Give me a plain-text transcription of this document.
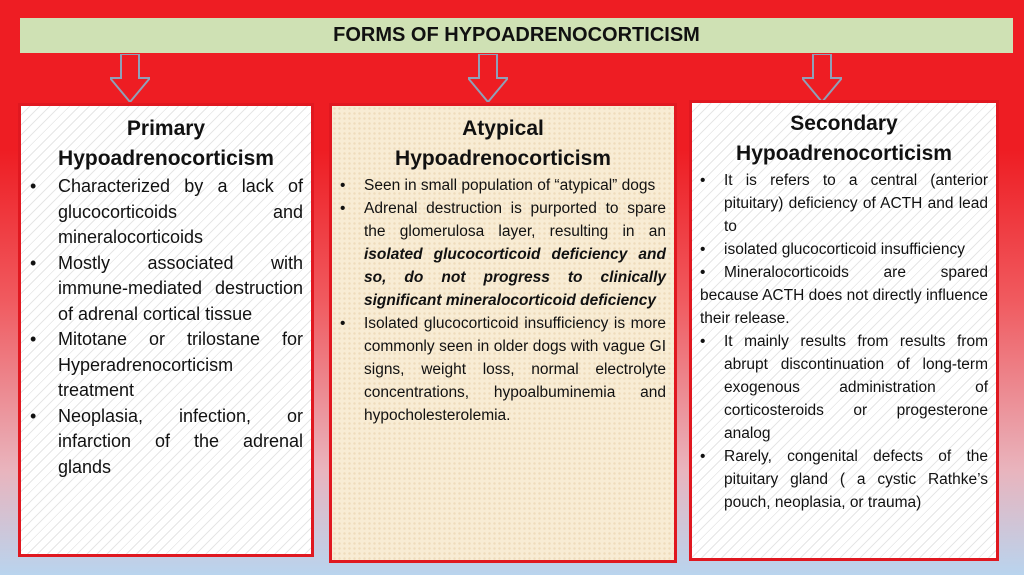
FORMS OF HYPOADRENOCORTICISM
Primary
Hypoadrenocorticism
• Characterized by a lack of glucocorticoids and mineralocorticoids
• Mostly associated with immune-mediated destruction of adrenal cortical tissue
• Mitotane or trilostane for Hyperadrenocorticism treatment
• Neoplasia, infection, or infarction of the adrenal glands
Atypical
Hypoadrenocorticism
• Seen in small population of “atypical” dogs
• Adrenal destruction is purported to spare the glomerulosa layer, resulting in an isolated glucocorticoid deficiency and so, do not progress to clinically significant mineralocorticoid deficiency
• Isolated glucocorticoid insufficiency is more commonly seen in older dogs with vague GI signs, weight loss, normal electrolyte concentrations, hypoalbuminemia and hypocholesterolemia.
Secondary
Hypoadrenocorticism
• It is refers to a central (anterior pituitary) deficiency of ACTH and lead to
• isolated glucocorticoid insufficiency
• Mineralocorticoids are spared because ACTH does not directly influence their release.
• It mainly results from results from abrupt discontinuation of long-term exogenous administration of corticosteroids or progesterone analog
• Rarely, congenital defects of the pituitary gland ( a cystic Rathke’s pouch, neoplasia, or trauma)
